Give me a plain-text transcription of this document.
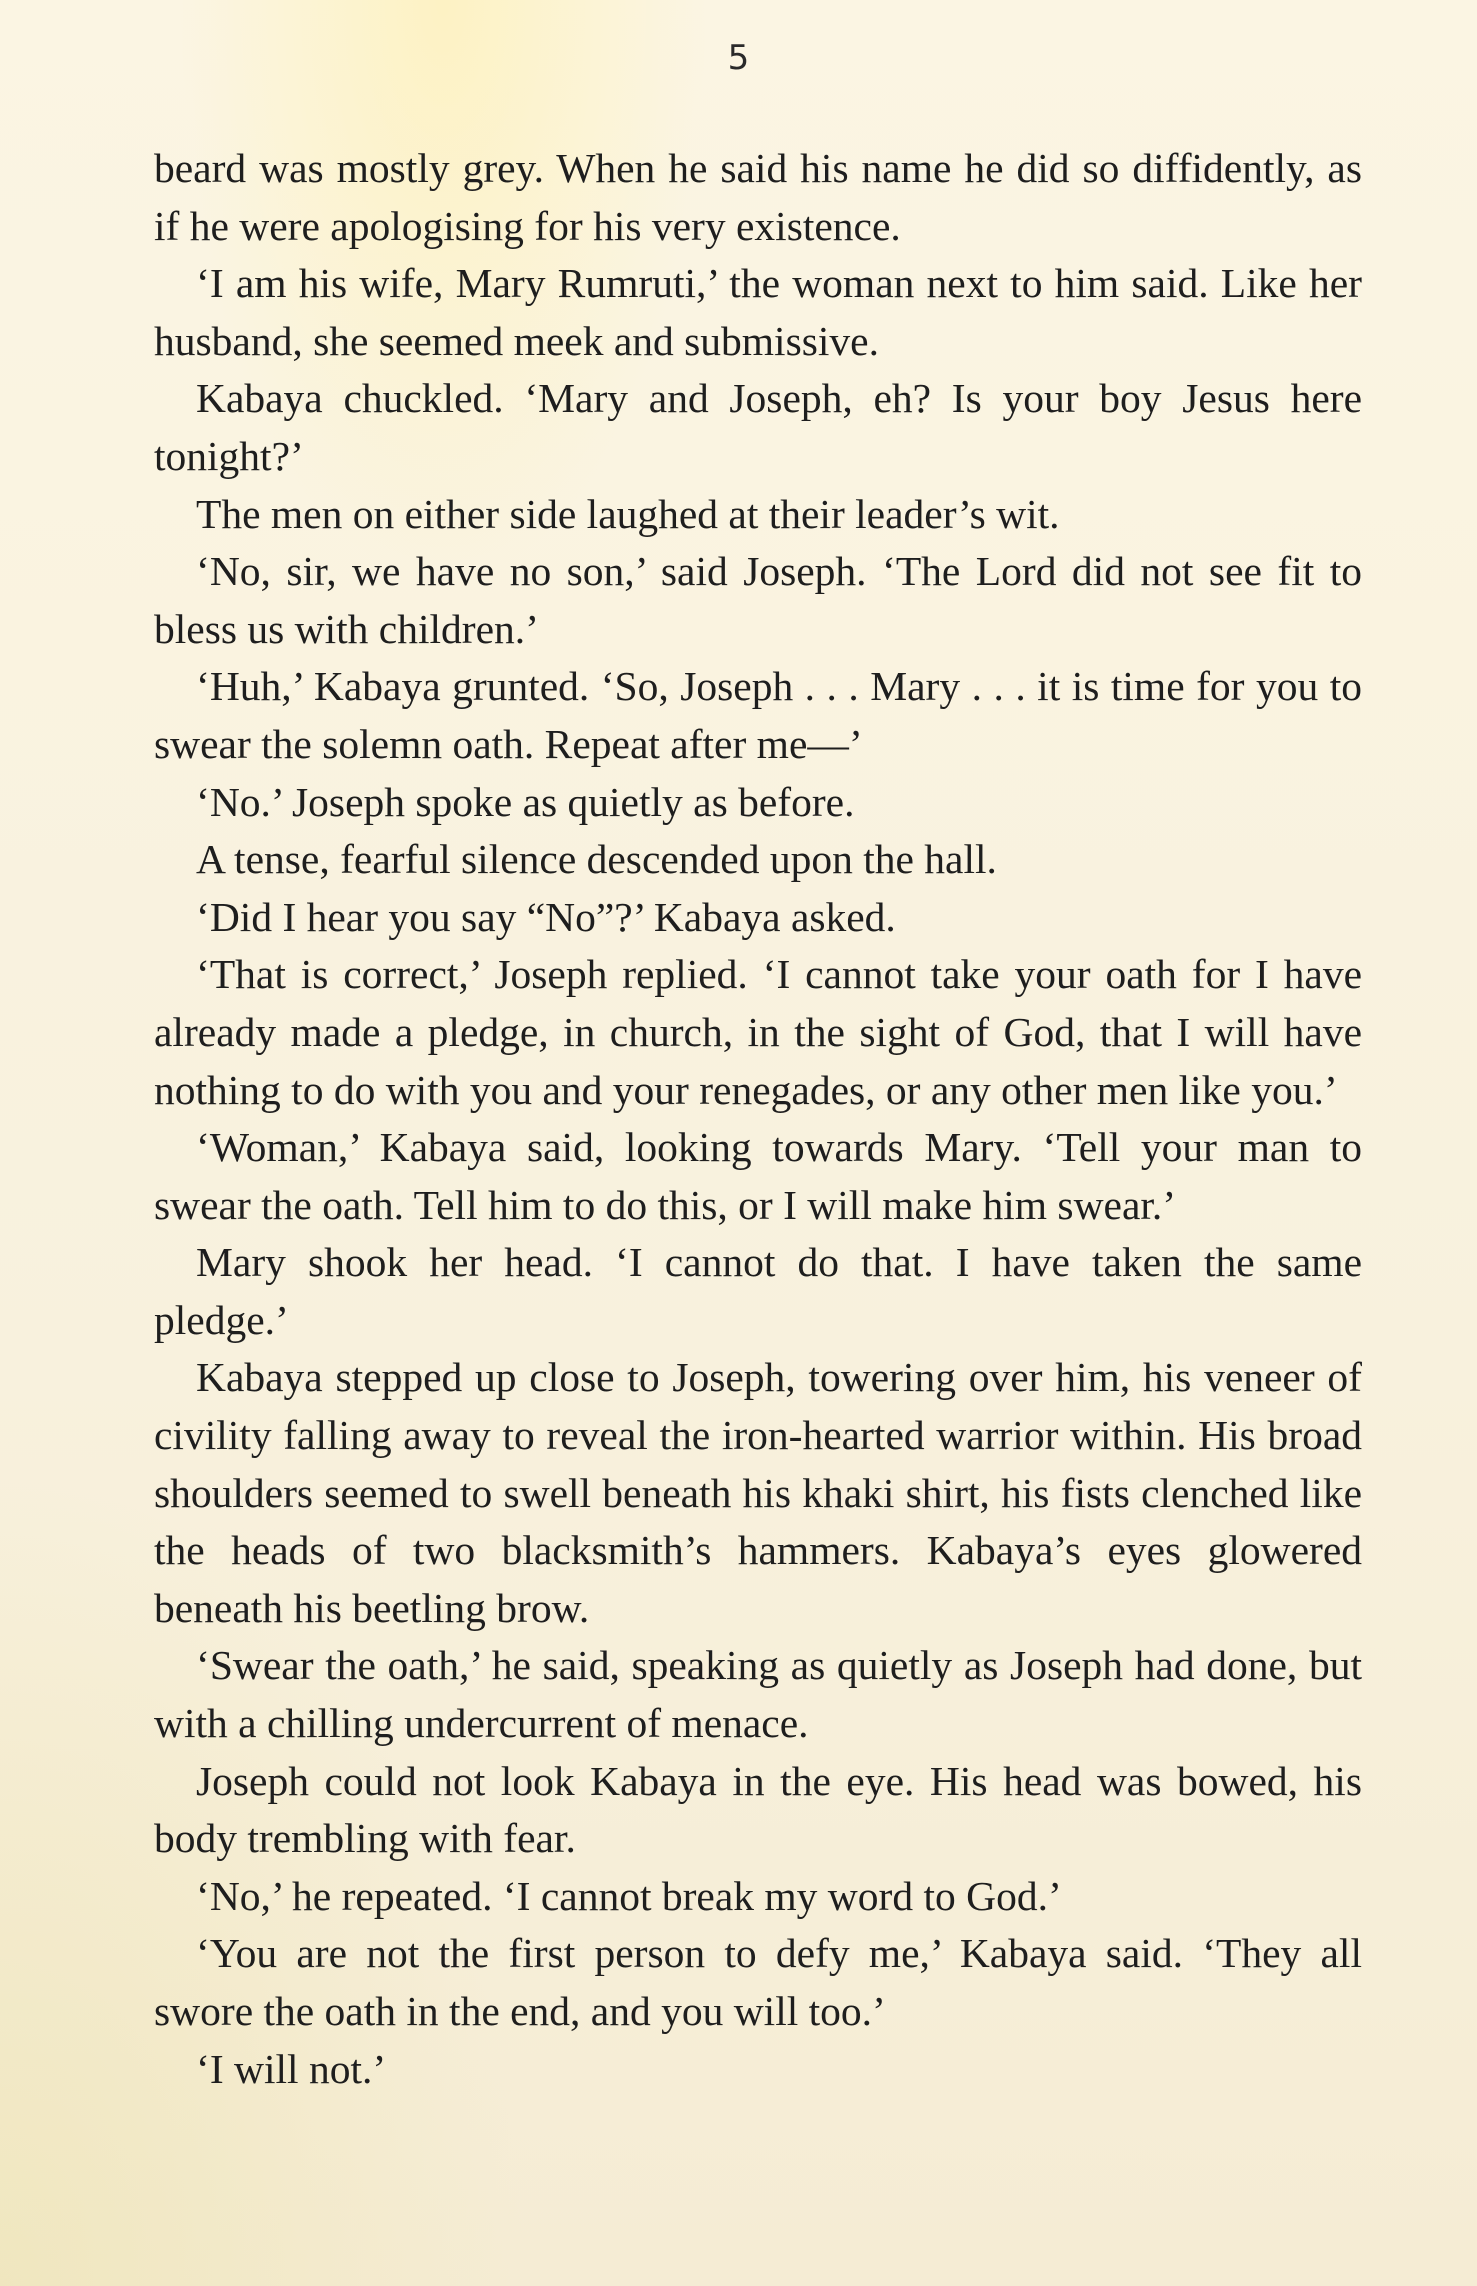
5

beard was mostly grey. When he said his name he did so diffidently, as if he were apologising for his very existence.

‘I am his wife, Mary Rumruti,’ the woman next to him said. Like her husband, she seemed meek and submissive.

Kabaya chuckled. ‘Mary and Joseph, eh? Is your boy Jesus here tonight?’

The men on either side laughed at their leader’s wit.

‘No, sir, we have no son,’ said Joseph. ‘The Lord did not see fit to bless us with children.’

‘Huh,’ Kabaya grunted. ‘So, Joseph . . . Mary . . . it is time for you to swear the solemn oath. Repeat after me—’

‘No.’ Joseph spoke as quietly as before.

A tense, fearful silence descended upon the hall.

‘Did I hear you say “No”?’ Kabaya asked.

‘That is correct,’ Joseph replied. ‘I cannot take your oath for I have already made a pledge, in church, in the sight of God, that I will have nothing to do with you and your renegades, or any other men like you.’

‘Woman,’ Kabaya said, looking towards Mary. ‘Tell your man to swear the oath. Tell him to do this, or I will make him swear.’

Mary shook her head. ‘I cannot do that. I have taken the same pledge.’

Kabaya stepped up close to Joseph, towering over him, his veneer of civility falling away to reveal the iron-hearted warrior within. His broad shoulders seemed to swell beneath his khaki shirt, his fists clenched like the heads of two blacksmith’s hammers. Kabaya’s eyes glowered beneath his beetling brow.

‘Swear the oath,’ he said, speaking as quietly as Joseph had done, but with a chilling undercurrent of menace.

Joseph could not look Kabaya in the eye. His head was bowed, his body trembling with fear.

‘No,’ he repeated. ‘I cannot break my word to God.’

‘You are not the first person to defy me,’ Kabaya said. ‘They all swore the oath in the end, and you will too.’

‘I will not.’
